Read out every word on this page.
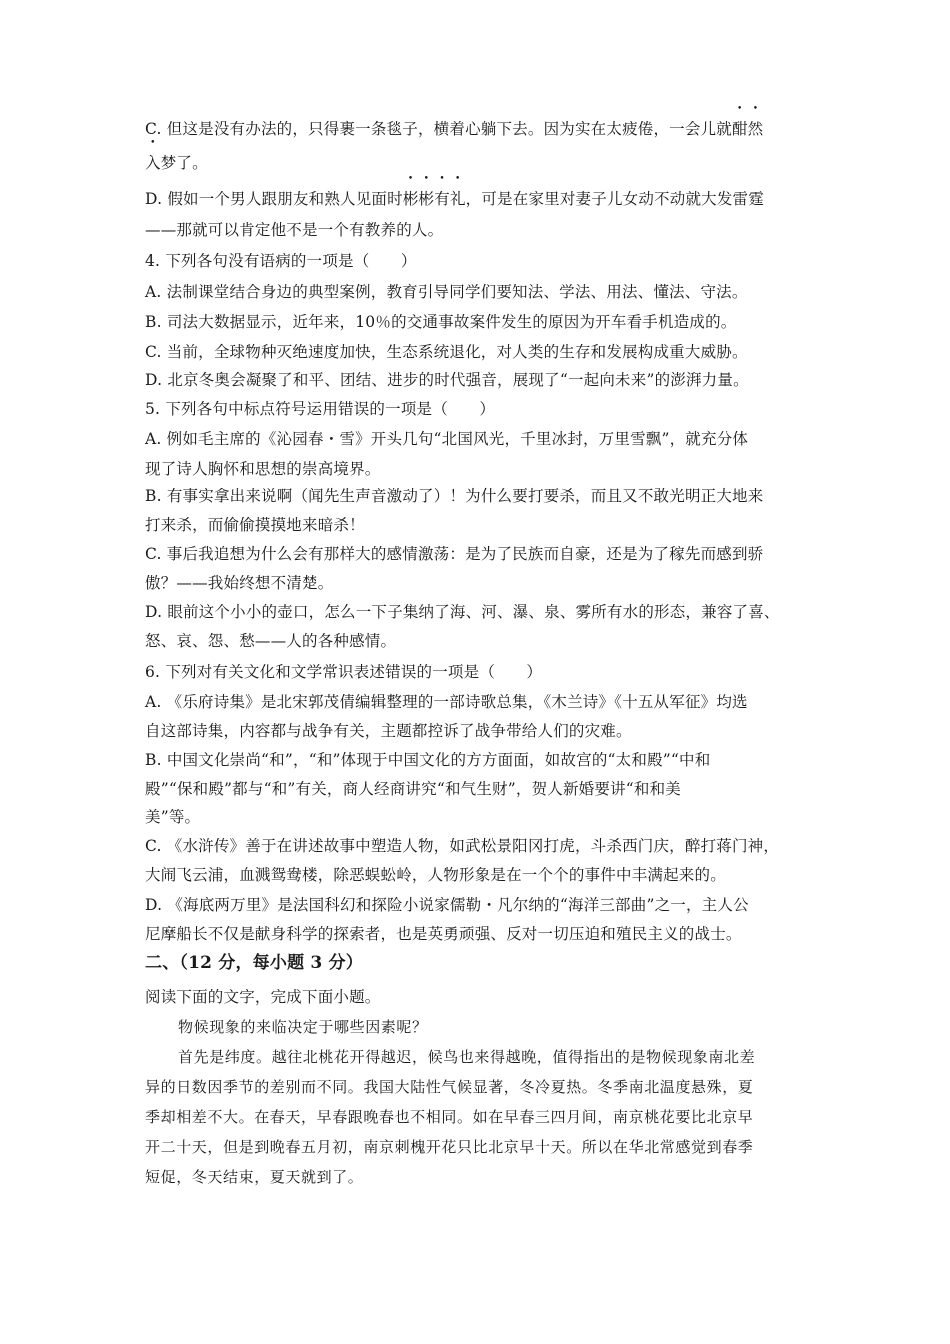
C. 但这是没有办法的，只得裹一条毯子，横着心躺下去。因为实在太疲倦，一会儿就酣然
入梦了。
D. 假如一个男人跟朋友和熟人见面时彬彬有礼，可是在家里对妻子儿女动不动就大发雷霆
——那就可以肯定他不是一个有教养的人。
4. 下列各句没有语病的一项是（　　）
A. 法制课堂结合身边的典型案例，教育引导同学们要知法、学法、用法、懂法、守法。
B. 司法大数据显示，近年来，10％的交通事故案件发生的原因为开车看手机造成的。
C. 当前，全球物种灭绝速度加快，生态系统退化，对人类的生存和发展构成重大威胁。
D. 北京冬奥会凝聚了和平、团结、进步的时代强音，展现了“一起向未来”的澎湃力量。
5. 下列各句中标点符号运用错误的一项是（　　）
A. 例如毛主席的《沁园春・雪》开头几句“北国风光，千里冰封，万里雪飘”，就充分体
现了诗人胸怀和思想的崇高境界。
B. 有事实拿出来说啊（闻先生声音激动了）！为什么要打要杀，而且又不敢光明正大地来
打来杀，而偷偷摸摸地来暗杀！
C. 事后我追想为什么会有那样大的感情激荡：是为了民族而自豪，还是为了稼先而感到骄
傲？——我始终想不清楚。
D. 眼前这个小小的壶口，怎么一下子集纳了海、河、瀑、泉、雾所有水的形态，兼容了喜、
怒、哀、怨、愁——人的各种感情。
6. 下列对有关文化和文学常识表述错误的一项是（　　）
A. 《乐府诗集》是北宋郭茂倩编辑整理的一部诗歌总集，《木兰诗》《十五从军征》均选
自这部诗集，内容都与战争有关，主题都控诉了战争带给人们的灾难。
B. 中国文化崇尚“和”，“和”体现于中国文化的方方面面，如故宫的“太和殿”“中和
殿”“保和殿”都与“和”有关，商人经商讲究“和气生财”，贺人新婚要讲“和和美
美”等。
C. 《水浒传》善于在讲述故事中塑造人物，如武松景阳冈打虎，斗杀西门庆，醉打蒋门神，
大闹飞云浦，血溅鸳鸯楼，除恶蜈蚣岭，人物形象是在一个个的事件中丰满起来的。
D. 《海底两万里》是法国科幻和探险小说家儒勒・凡尔纳的“海洋三部曲”之一，主人公
尼摩船长不仅是献身科学的探索者，也是英勇顽强、反对一切压迫和殖民主义的战士。
二、（12 分，每小题 3 分）
阅读下面的文字，完成下面小题。
物候现象的来临决定于哪些因素呢？
首先是纬度。越往北桃花开得越迟，候鸟也来得越晚，值得指出的是物候现象南北差
异的日数因季节的差别而不同。我国大陆性气候显著，冬冷夏热。冬季南北温度悬殊，夏
季却相差不大。在春天，早春跟晚春也不相同。如在早春三四月间，南京桃花要比北京早
开二十天，但是到晚春五月初，南京刺槐开花只比北京早十天。所以在华北常感觉到春季
短促，冬天结束，夏天就到了。
